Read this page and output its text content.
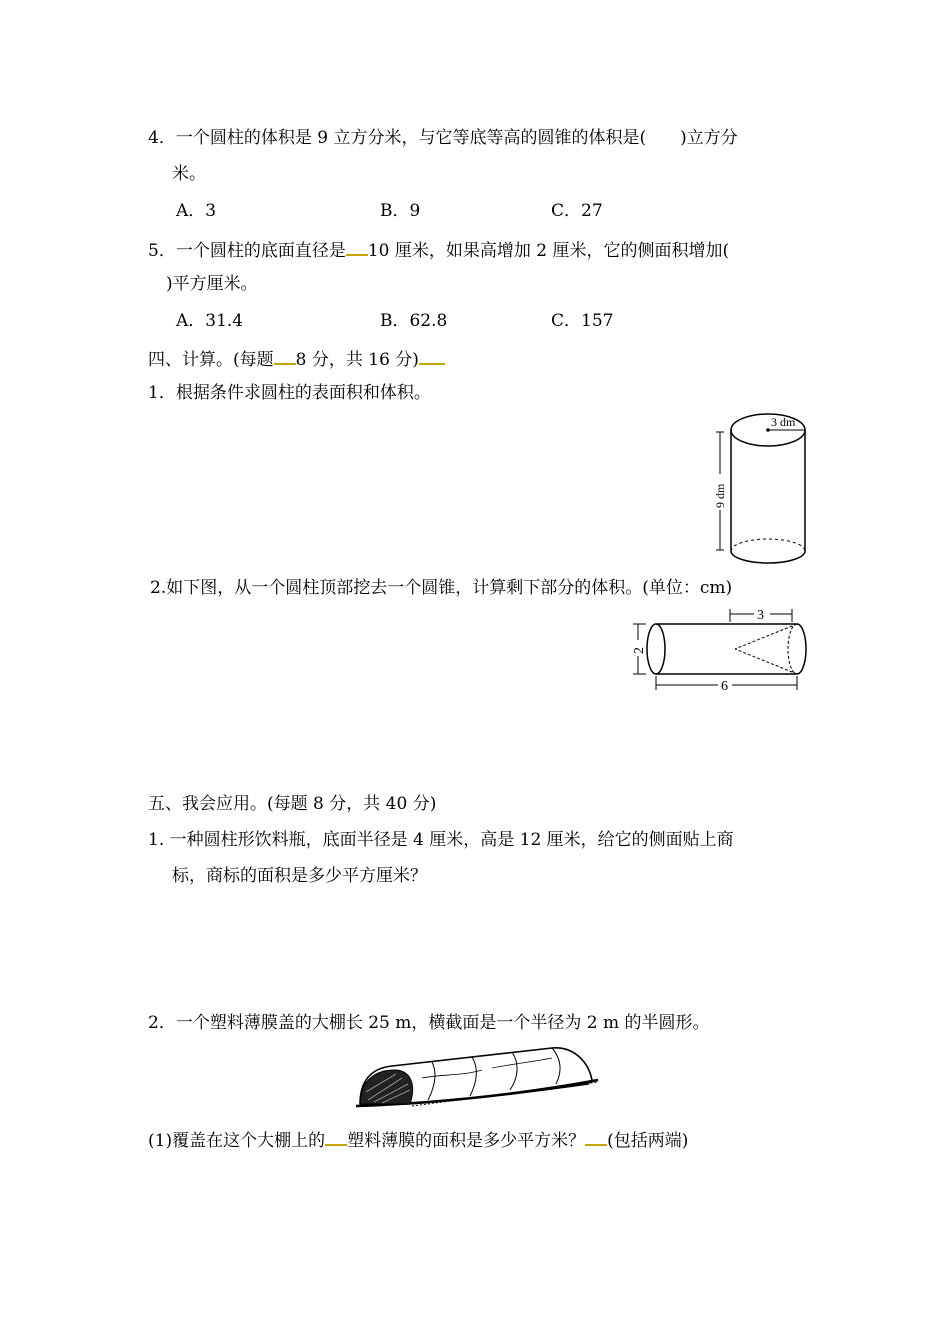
4．一个圆柱的体积是 9 立方分米，与它等底等高的圆锥的体积是( )立方分
米。
A．3	B．9	C．27
5．一个圆柱的底面直径是 10 厘米，如果高增加 2 厘米，它的侧面积增加(
)平方厘米。
A．31.4	B．62.8	C．157
四、计算。(每题 8 分，共 16 分)
1．根据条件求圆柱的表面积和体积。
3 dm
9 dm
2.如下图，从一个圆柱顶部挖去一个圆锥，计算剩下部分的体积。(单位：cm)
3
2
6
五、我会应用。(每题 8 分，共 40 分)
1. 一种圆柱形饮料瓶，底面半径是 4 厘米，高是 12 厘米，给它的侧面贴上商
标，商标的面积是多少平方厘米？
2．一个塑料薄膜盖的大棚长 25 m，横截面是一个半径为 2 m 的半圆形。
(1)覆盖在这个大棚上的 塑料薄膜的面积是多少平方米？ (包括两端)
